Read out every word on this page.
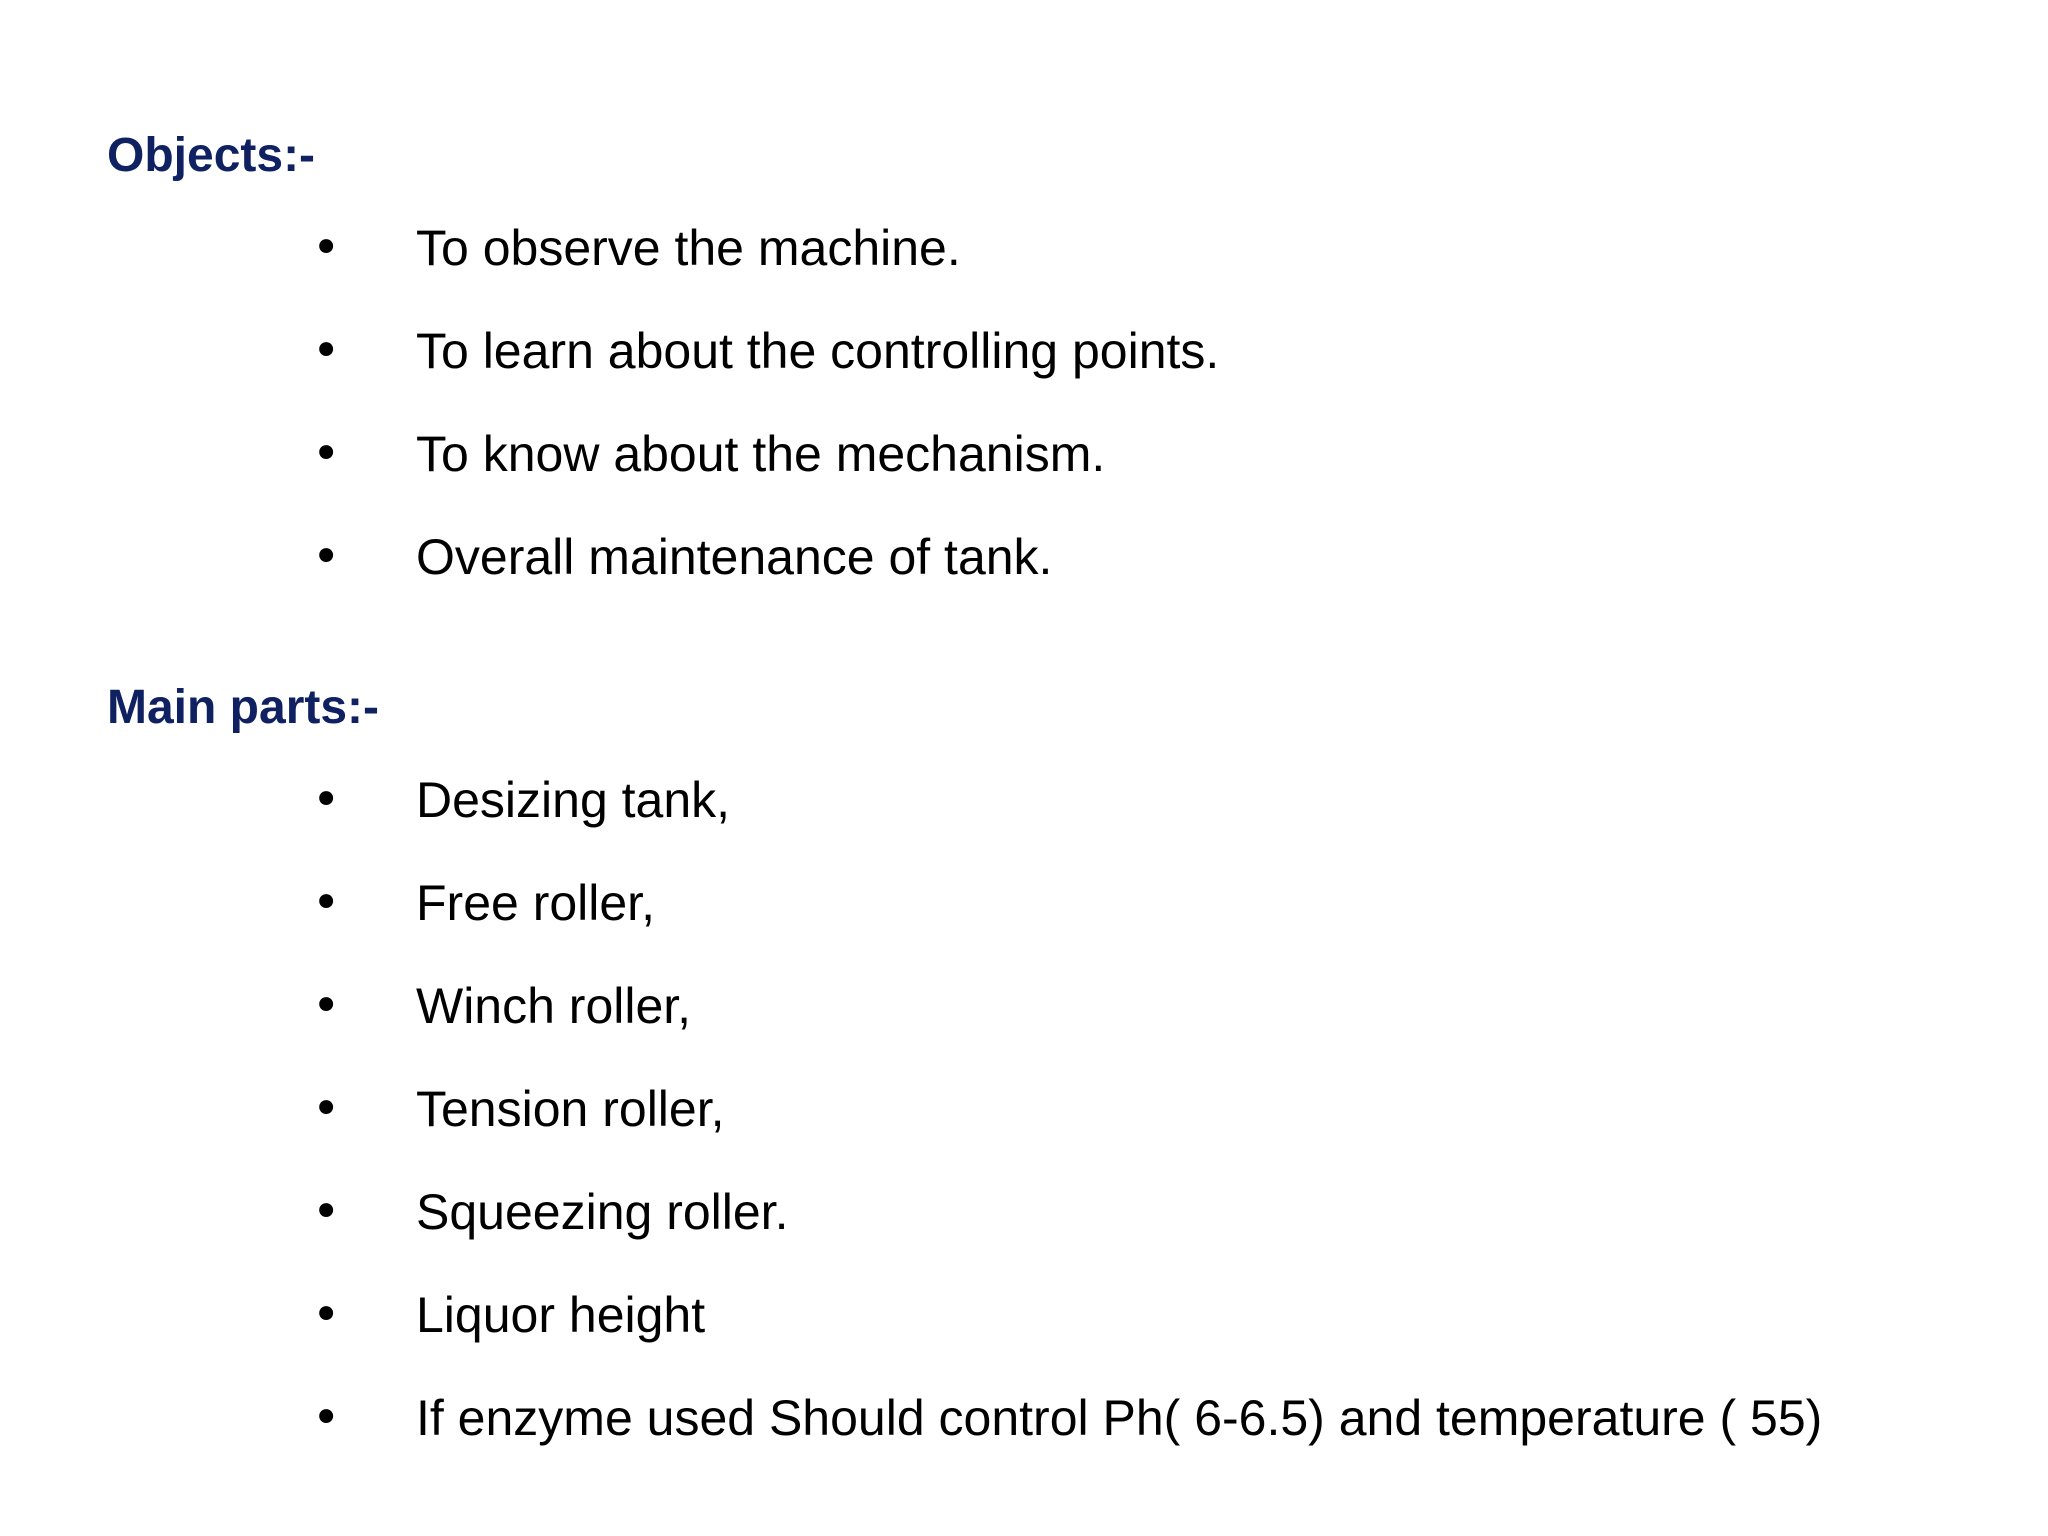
Objects:-
• To observe the machine.
• To learn about the controlling points.
• To know about the mechanism.
• Overall maintenance of tank.
Main parts:-
• Desizing tank,
• Free roller,
• Winch roller,
• Tension roller,
• Squeezing roller.
• Liquor height
• If enzyme used Should control Ph( 6-6.5) and temperature ( 55)
